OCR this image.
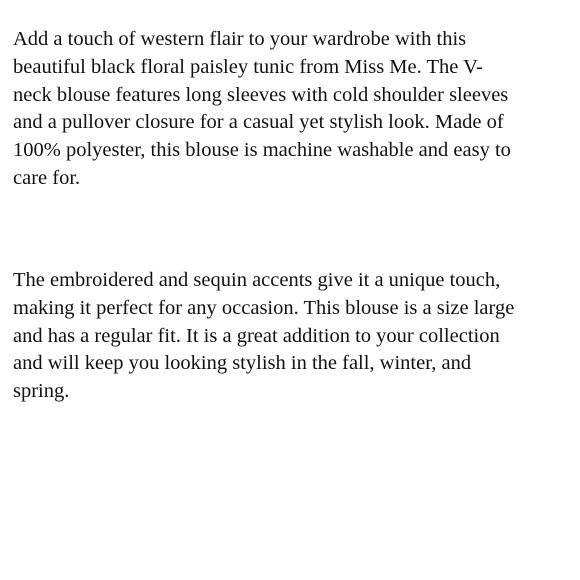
Add a touch of western flair to your wardrobe with this
beautiful black floral paisley tunic from Miss Me. The V-
neck blouse features long sleeves with cold shoulder sleeves
and a pullover closure for a casual yet stylish look. Made of
100% polyester, this blouse is machine washable and easy to
care for.

The embroidered and sequin accents give it a unique touch,
making it perfect for any occasion. This blouse is a size large
and has a regular fit. It is a great addition to your collection
and will keep you looking stylish in the fall, winter, and
spring.
